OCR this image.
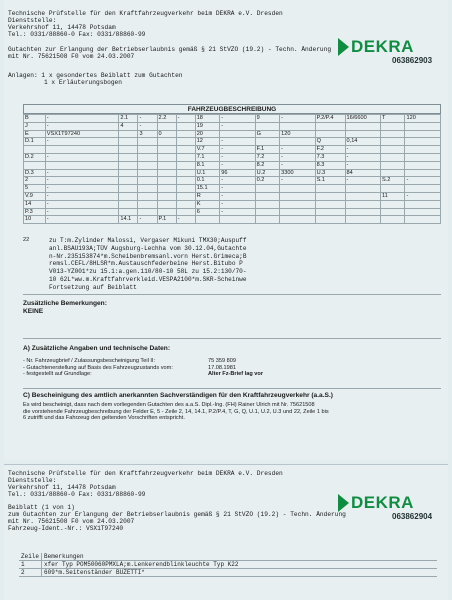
Technische Prüfstelle für den Kraftfahrzeugverkehr beim DEKRA e.V. Dresden
Dienststelle:
Verkehrshof 11, 14478 Potsdam
Tel.: 0331/88860-0 Fax: 0331/88860-99
DEKRA
063862903
Gutachten zur Erlangung der Betriebserlaubnis gemäß § 21 StVZO (19.2) - Techn. Änderung
mit Nr. 75621508 F0 vom 24.03.2007
Anlagen: 1 x gesondertes Beiblatt zum Gutachten
1 x Erläuterungsbogen
FAHRZEUGBESCHREIBUNG
B	-	2.1	-	2.2	-	18	-	9	-	P.2/P.4	16/6600	T	120
J	-	4	-			19	-						
E	VSX1T97240		3	0		20		G	120				
D.1	-					12	-			Q	0,14		
						V.7	-	F.1	-	F.2	-		
D.2	-					7.1	-	7.2	-	7.3	-		
						8.1	-	8.2	-	8.3	-		
D.3	-					U.1	96	U.2	3300	U.3	84		
2	-					0.1	-	0.2	-	S.1	-	S.2	-
5	-					15.1	-						
V.9	-					R	-					11	-
14	-					K	-						
P.3	-					6	-						
10	-	14.1	-	P.1	-								
22	zu T:m.Zylinder Malossi, Vergaser Mikuni TMX30;Auspuff
anl.BSAU193A;TÜV Augsburg-Lechha vom 30.12.04,Gutachte
n-Nr.235153874*m.Scheibenbremsanl.vorn Herst.Grimeca;B
remsl.CEFL/8HLSR*m.Austauschfederbeine Herst.Bitubo P
V013-YZ001*zu 15.1:a.gen.110/80-10 58L zu 15.2:130/70-
10 62L*ww.m.Kraftfahrverkleid.VESPA2100*m.SKR-Scheinwe
Fortsetzung auf Beiblatt
Zusätzliche Bemerkungen:
KEINE
A) Zusätzliche Angaben und technische Daten:
- Nr. Fahrzeugbrief / Zulassungsbescheinigung Teil II:	75 359 809
- Gutachtenerstellung auf Basis des Fahrzeugzustands vom:	17.08.1981
- festgestellt auf Grundlage:	Alter Fz-Brief lag vor
C) Bescheinigung des amtlich anerkannten Sachverständigen für den Kraftfahrzeugverkehr (a.a.S.)
Es wird bescheinigt, dass nach dem vorliegenden Gutachten des a.a.S. Dipl.-Ing. (FH) Rainer Ulrich mit Nr. 75621508
die vorstehende Fahrzeugbeschreibung der Felder E, 5 - Zeile 2, 14, 14.1, P.2/P.4, T, G, Q, U.1, U.2, U.3 und 22, Zeile 1 bis
6 zutrifft und das Fahrzeug den geltenden Vorschriften entspricht.
Technische Prüfstelle für den Kraftfahrzeugverkehr beim DEKRA e.V. Dresden
Dienststelle:
Verkehrshof 11, 14478 Potsdam
Tel.: 0331/88860-0 Fax: 0331/88860-99	DEKRA
063862904
Beiblatt (1 von 1)
zum Gutachten zur Erlangung der Betriebserlaubnis gemäß § 21 StVZO (19.2) - Techn. Änderung
mit Nr. 75621508 F0 vom 24.03.2007
Fahrzeug-Ident.-Nr.: VSX1T97240
Zeile	Bemerkungen
1	xfer Typ POM50060PMXLA;m.Lenkerendblinkleuchte Typ K22
2	609*m.Seitenständer BUZETTI*
